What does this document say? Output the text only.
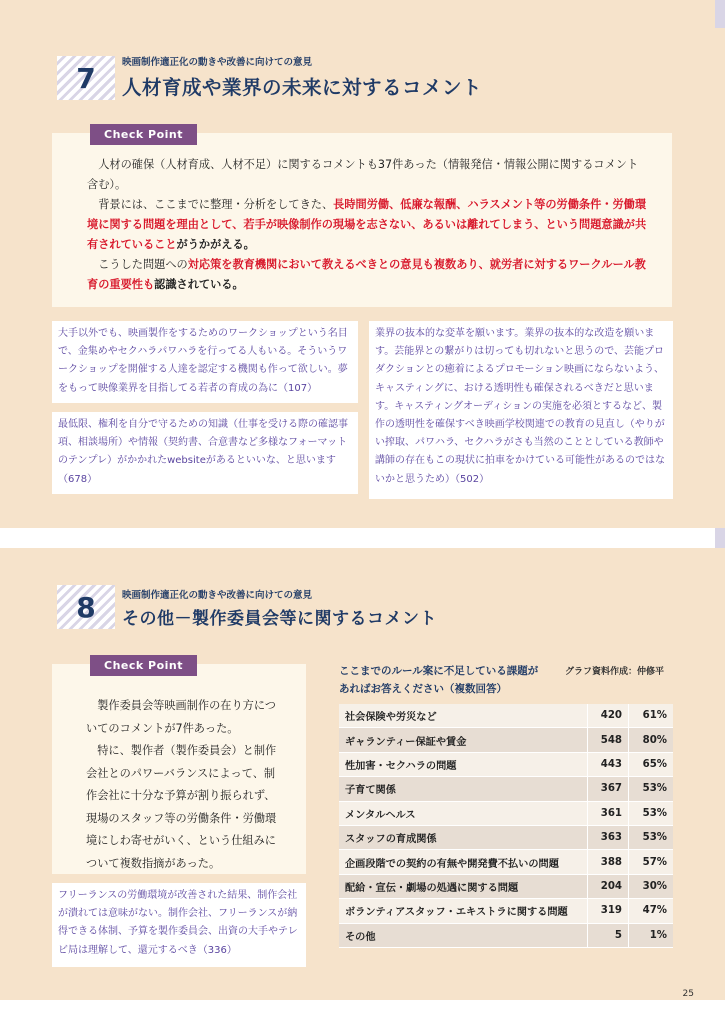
7	映画制作適正化の動きや改善に向けての意見
人材育成や業界の未来に対するコメント
Check Point

人材の確保（人材育成、人材不足）に関するコメントも37件あった（情報発信・情報公開に関するコメント含む）。

背景には、ここまでに整理・分析をしてきた、長時間労働、低廉な報酬、ハラスメント等の労働条件・労働環境に関する問題を理由として、若手が映像制作の現場を志さない、あるいは離れてしまう、という問題意識が共有されていることがうかがえる。

こうした問題への対応策を教育機関において教えるべきとの意見も複数あり、就労者に対するワークルール教育の重要性も認識されている。

大手以外でも、映画製作をするためのワークショップという名目で、金集めやセクハラパワハラを行ってる人もいる。そういうワークショップを開催する人達を認定する機関も作って欲しい。夢をもって映像業界を目指してる若者の育成の為に（107）
最低限、権利を自分で守るための知識（仕事を受ける際の確認事項、相談場所）や情報（契約書、合意書など多様なフォーマットのテンプレ）がかかれたwebsiteがあるといいな、と思います（678）
業界の抜本的な変革を願います。業界の抜本的な改造を願います。芸能界との繋がりは切っても切れないと思うので、芸能プロダクションとの癒着によるプロモーション映画にならないよう、キャスティングに、おける透明性も確保されるべきだと思います。キャスティングオーディションの実施を必須とするなど、製作の透明性を確保すべき映画学校関連での教育の見直し（やりがい搾取、パワハラ、セクハラがさも当然のこととしている教師や講師の存在もこの現状に拍車をかけている可能性があるのではないかと思うため）（502）
8	映画制作適正化の動きや改善に向けての意見
その他－製作委員会等に関するコメント
Check Point

製作委員会等映画制作の在り方についてのコメントが7件あった。

特に、製作者（製作委員会）と制作会社とのパワーバランスによって、制作会社に十分な予算が割り振られず、現場のスタッフ等の労働条件・労働環境にしわ寄せがいく、という仕組みについて複数指摘があった。

フリーランスの労働環境が改善された結果、制作会社が潰れては意味がない。制作会社、フリーランスが納得できる体制、予算を製作委員会、出資の大手やテレビ局は理解して、還元するべき（336）
ここまでのルール案に不足している課題があればお答えください（複数回答）
グラフ資料作成：仲修平
社会保険や労災など	420	61%
ギャランティー保証や賃金	548	80%
性加害・セクハラの問題	443	65%
子育て関係	367	53%
メンタルヘルス	361	53%
スタッフの育成関係	363	53%
企画段階での契約の有無や開発費不払いの問題	388	57%
配給・宣伝・劇場の処遇に関する問題	204	30%
ボランティアスタッフ・エキストラに関する問題	319	47%
その他	5	1%
25
